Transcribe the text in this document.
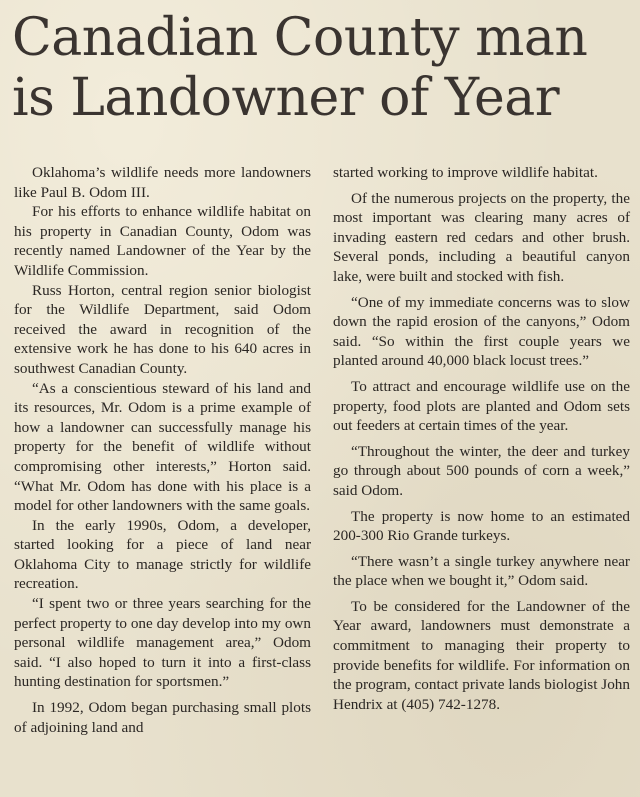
Canadian County man
is Landowner of Year

Oklahoma’s wildlife needs more landowners like Paul B. Odom III.

For his efforts to enhance wildlife habitat on his property in Canadian County, Odom was recently named Landowner of the Year by the Wildlife Commission.

Russ Horton, central region senior biologist for the Wildlife Department, said Odom received the award in recognition of the extensive work he has done to his 640 acres in southwest Canadian County.

“As a conscientious steward of his land and its resources, Mr. Odom is a prime example of how a landowner can successfully manage his property for the benefit of wildlife without compromising other interests,” Horton said. “What Mr. Odom has done with his place is a model for other landowners with the same goals.

In the early 1990s, Odom, a developer, started looking for a piece of land near Oklahoma City to manage strictly for wildlife recreation.

“I spent two or three years searching for the perfect property to one day develop into my own personal wildlife management area,” Odom said. “I also hoped to turn it into a first-class hunting destination for sportsmen.”

In 1992, Odom began purchasing small plots of adjoining land and

started working to improve wildlife habitat.

Of the numerous projects on the property, the most important was clearing many acres of invading eastern red cedars and other brush. Several ponds, including a beautiful canyon lake, were built and stocked with fish.

“One of my immediate concerns was to slow down the rapid erosion of the canyons,” Odom said. “So within the first couple years we planted around 40,000 black locust trees.”

To attract and encourage wildlife use on the property, food plots are planted and Odom sets out feeders at certain times of the year.

“Throughout the winter, the deer and turkey go through about 500 pounds of corn a week,” said Odom.

The property is now home to an estimated 200-300 Rio Grande turkeys.

“There wasn’t a single turkey anywhere near the place when we bought it,” Odom said.

To be considered for the Landowner of the Year award, landowners must demonstrate a commitment to managing their property to provide benefits for wildlife. For information on the program, contact private lands biologist John Hendrix at (405) 742-1278.
